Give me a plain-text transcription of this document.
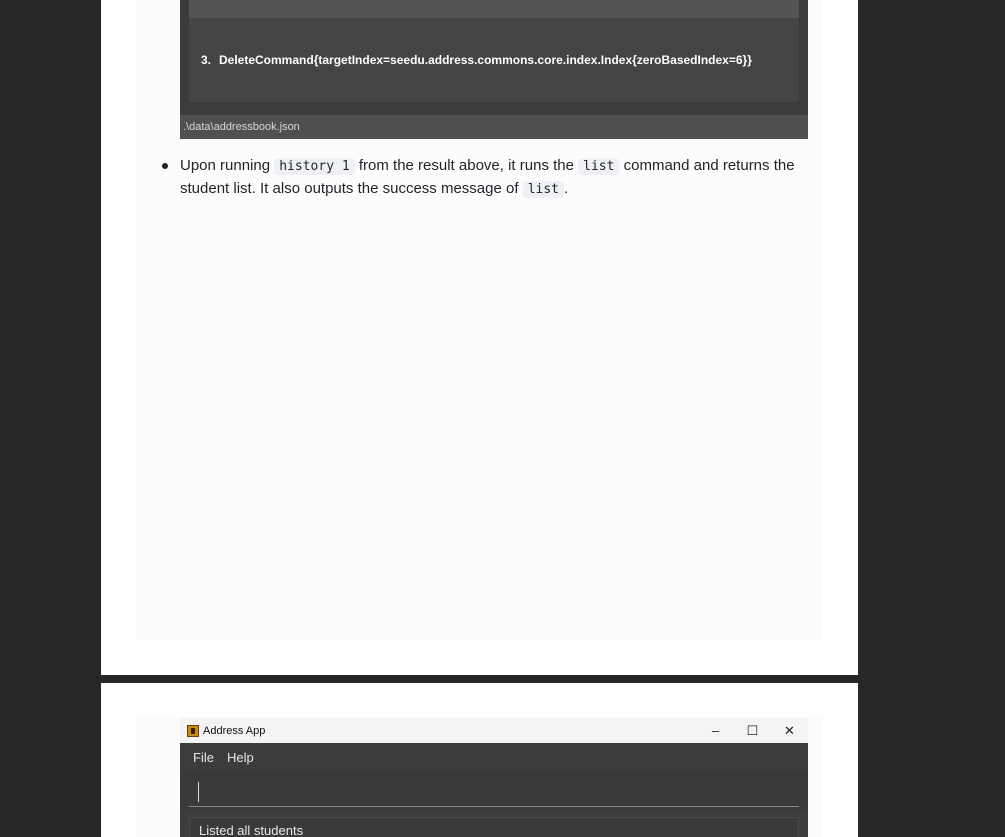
3. DeleteCommand{targetIndex=seedu.address.commons.core.index.Index{zeroBasedIndex=6}}
.\data\addressbook.json
Upon running history 1 from the result above, it runs the list command and returns the student list. It also outputs the success message of list .
Address App	–	☐	✕
File Help
Listed all students
